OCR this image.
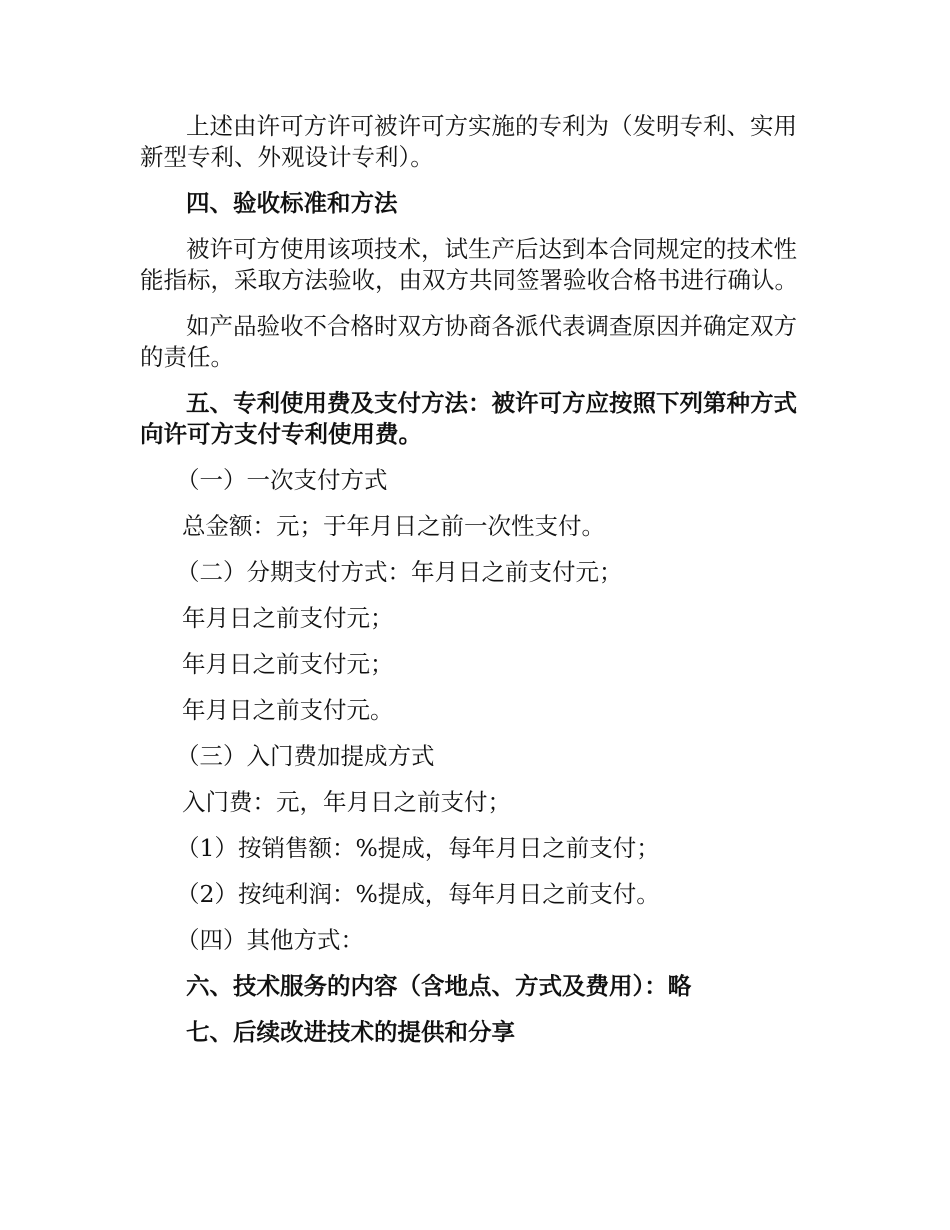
上述由许可方许可被许可方实施的专利为（发明专利、实用新型专利、外观设计专利）。

四、验收标准和方法

被许可方使用该项技术，试生产后达到本合同规定的技术性能指标，采取方法验收，由双方共同签署验收合格书进行确认。

如产品验收不合格时双方协商各派代表调查原因并确定双方的责任。

五、专利使用费及支付方法：被许可方应按照下列第种方式向许可方支付专利使用费。

（一）一次支付方式

总金额：元；于年月日之前一次性支付。

（二）分期支付方式：年月日之前支付元；

年月日之前支付元；

年月日之前支付元；

年月日之前支付元。

（三）入门费加提成方式

入门费：元，年月日之前支付；

（1）按销售额：%提成，每年月日之前支付；

（2）按纯利润：%提成，每年月日之前支付。

（四）其他方式：

六、技术服务的内容（含地点、方式及费用）：略

七、后续改进技术的提供和分享
